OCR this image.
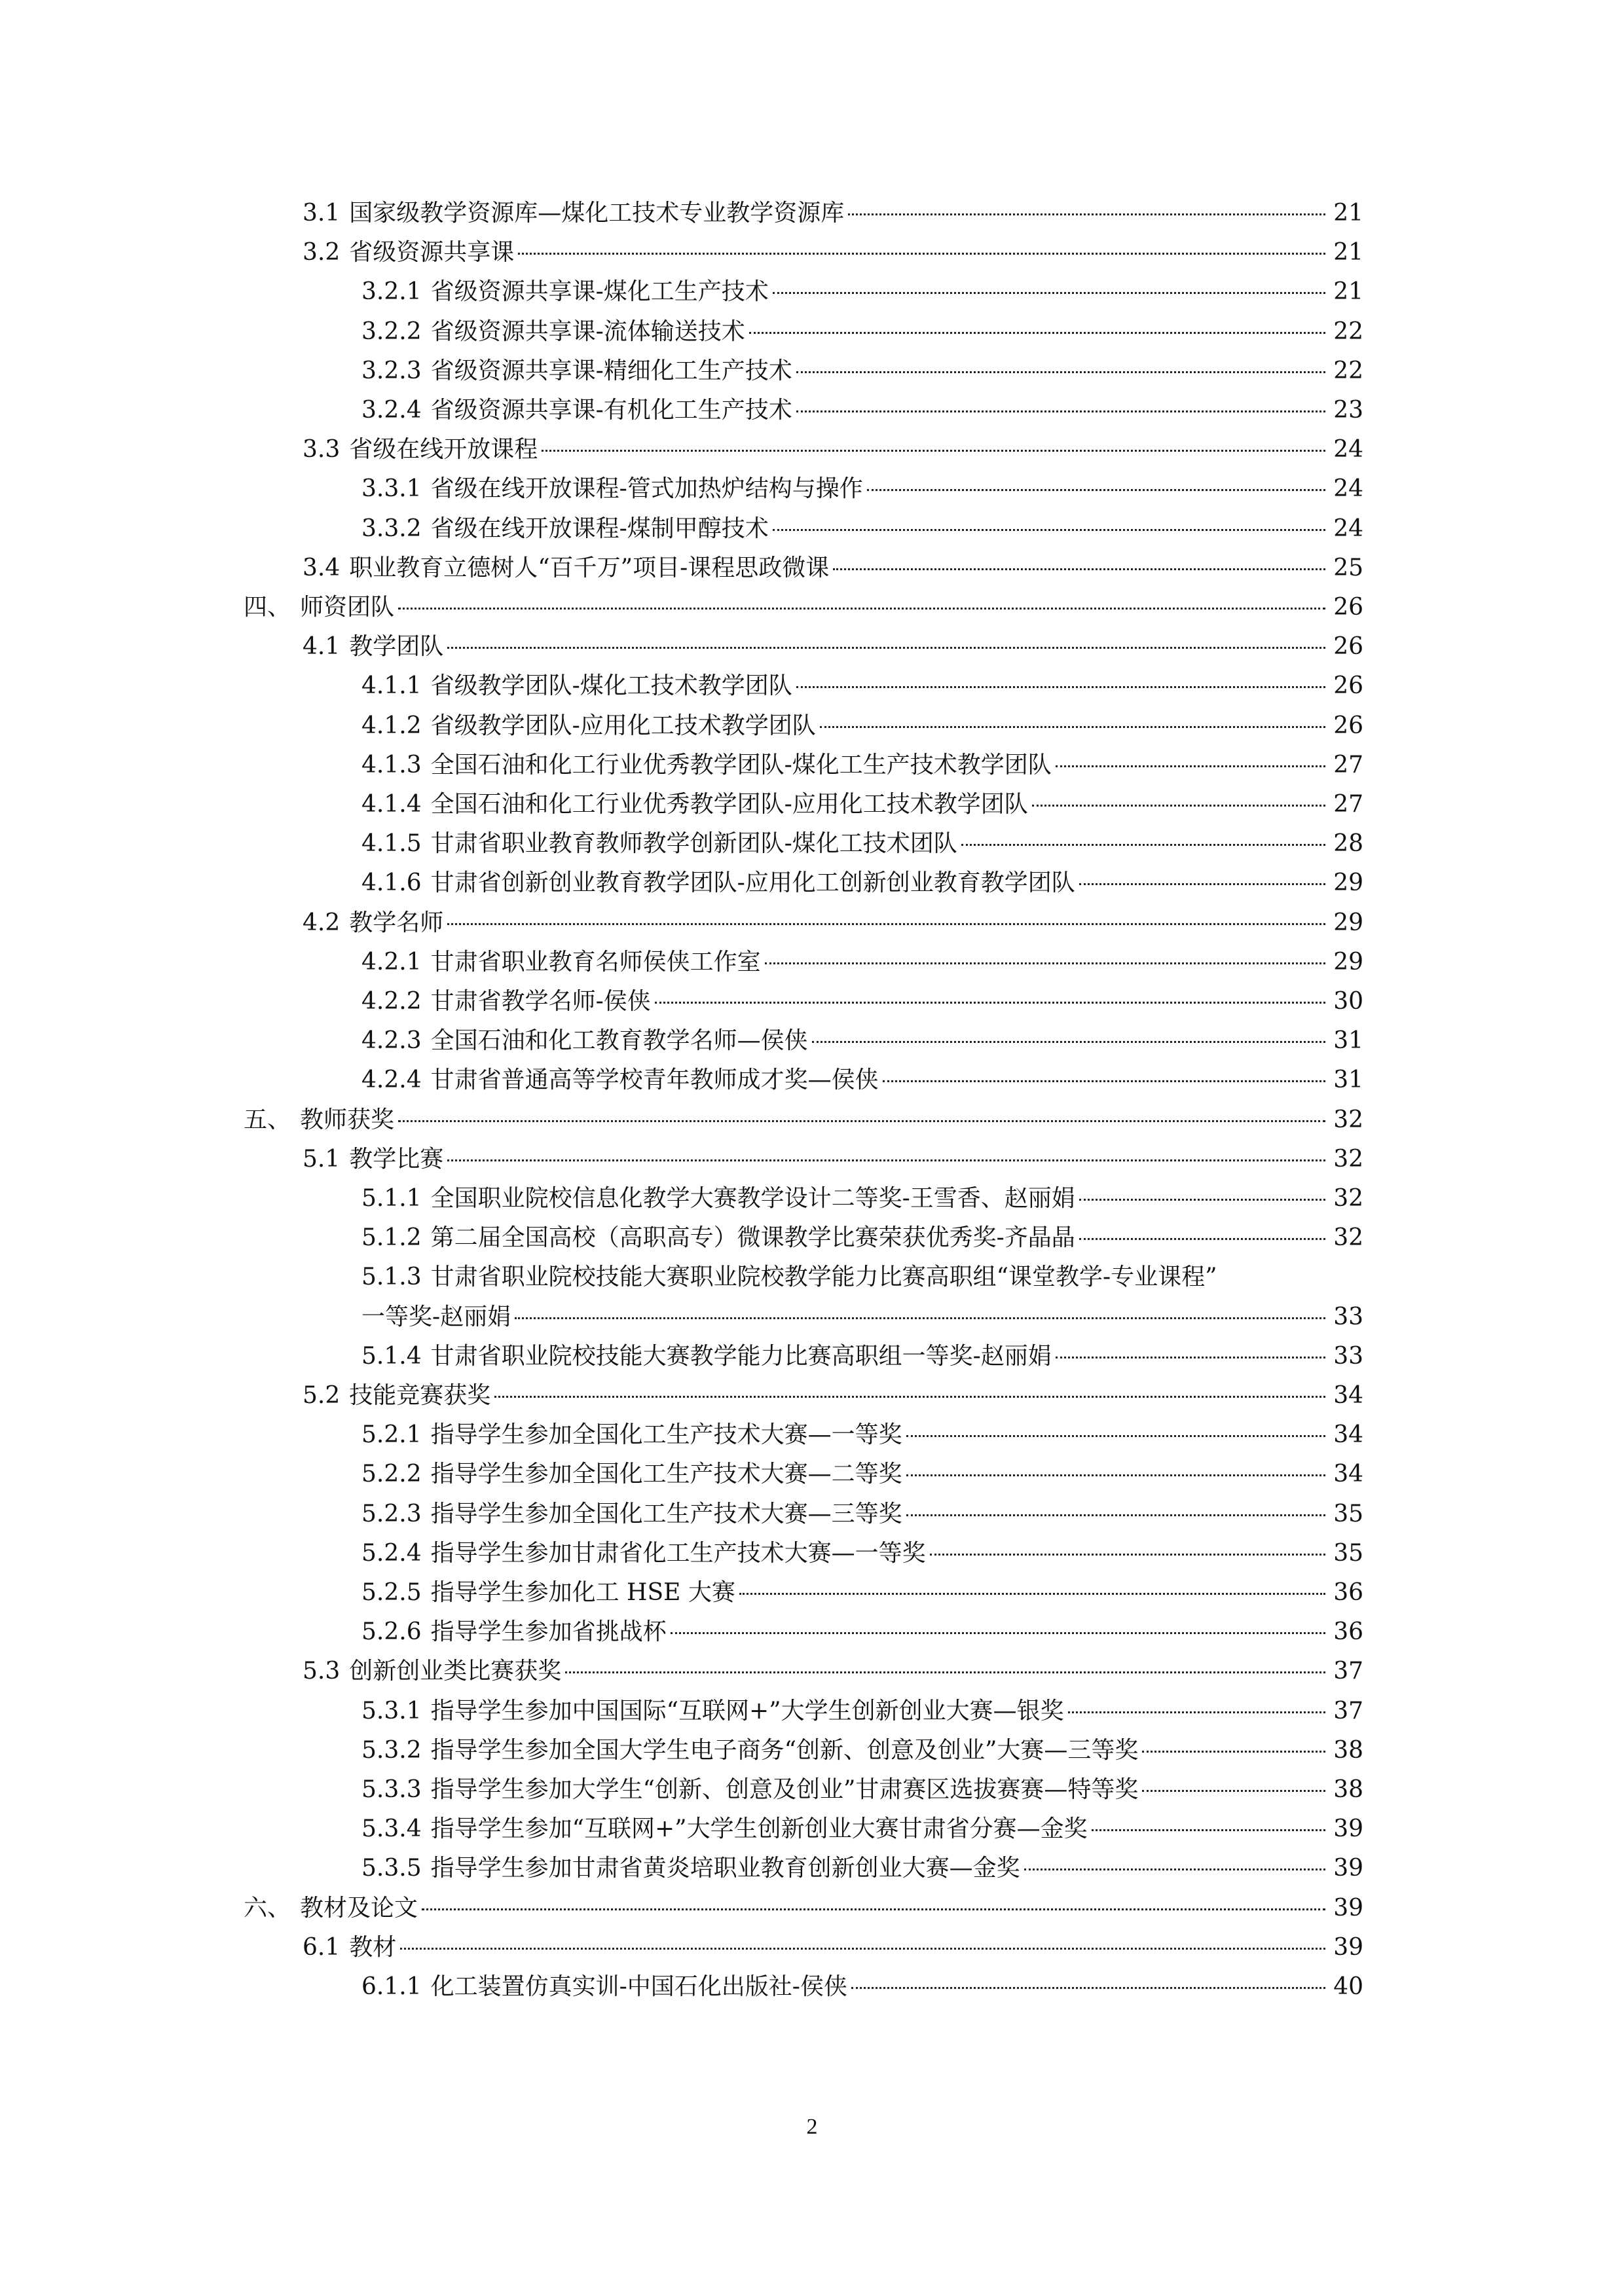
3.1 国家级教学资源库—煤化工技术专业教学资源库	21
3.2 省级资源共享课	21
3.2.1 省级资源共享课-煤化工生产技术	21
3.2.2 省级资源共享课-流体输送技术	22
3.2.3 省级资源共享课-精细化工生产技术	22
3.2.4 省级资源共享课-有机化工生产技术	23
3.3 省级在线开放课程	24
3.3.1 省级在线开放课程-管式加热炉结构与操作	24
3.3.2 省级在线开放课程-煤制甲醇技术	24
3.4 职业教育立德树人“百千万”项目-课程思政微课	25
四、 师资团队	26
4.1 教学团队	26
4.1.1 省级教学团队-煤化工技术教学团队	26
4.1.2 省级教学团队-应用化工技术教学团队	26
4.1.3 全国石油和化工行业优秀教学团队-煤化工生产技术教学团队	27
4.1.4 全国石油和化工行业优秀教学团队-应用化工技术教学团队	27
4.1.5 甘肃省职业教育教师教学创新团队-煤化工技术团队	28
4.1.6 甘肃省创新创业教育教学团队-应用化工创新创业教育教学团队	29
4.2 教学名师	29
4.2.1 甘肃省职业教育名师侯侠工作室	29
4.2.2 甘肃省教学名师-侯侠	30
4.2.3 全国石油和化工教育教学名师—侯侠	31
4.2.4 甘肃省普通高等学校青年教师成才奖—侯侠	31
五、 教师获奖	32
5.1 教学比赛	32
5.1.1 全国职业院校信息化教学大赛教学设计二等奖-王雪香、赵丽娟	32
5.1.2 第二届全国高校（高职高专）微课教学比赛荣获优秀奖-齐晶晶	32
5.1.3 甘肃省职业院校技能大赛职业院校教学能力比赛高职组“课堂教学-专业课程”
一等奖-赵丽娟	33
5.1.4 甘肃省职业院校技能大赛教学能力比赛高职组一等奖-赵丽娟	33
5.2 技能竞赛获奖	34
5.2.1 指导学生参加全国化工生产技术大赛—一等奖	34
5.2.2 指导学生参加全国化工生产技术大赛—二等奖	34
5.2.3 指导学生参加全国化工生产技术大赛—三等奖	35
5.2.4 指导学生参加甘肃省化工生产技术大赛—一等奖	35
5.2.5 指导学生参加化工 HSE 大赛	36
5.2.6 指导学生参加省挑战杯	36
5.3 创新创业类比赛获奖	37
5.3.1 指导学生参加中国国际“互联网+”大学生创新创业大赛—银奖	37
5.3.2 指导学生参加全国大学生电子商务“创新、创意及创业”大赛—三等奖	38
5.3.3 指导学生参加大学生“创新、创意及创业”甘肃赛区选拔赛赛—特等奖	38
5.3.4 指导学生参加“互联网+”大学生创新创业大赛甘肃省分赛—金奖	39
5.3.5 指导学生参加甘肃省黄炎培职业教育创新创业大赛—金奖	39
六、 教材及论文	39
6.1 教材	39
6.1.1 化工装置仿真实训-中国石化出版社-侯侠	40
2
